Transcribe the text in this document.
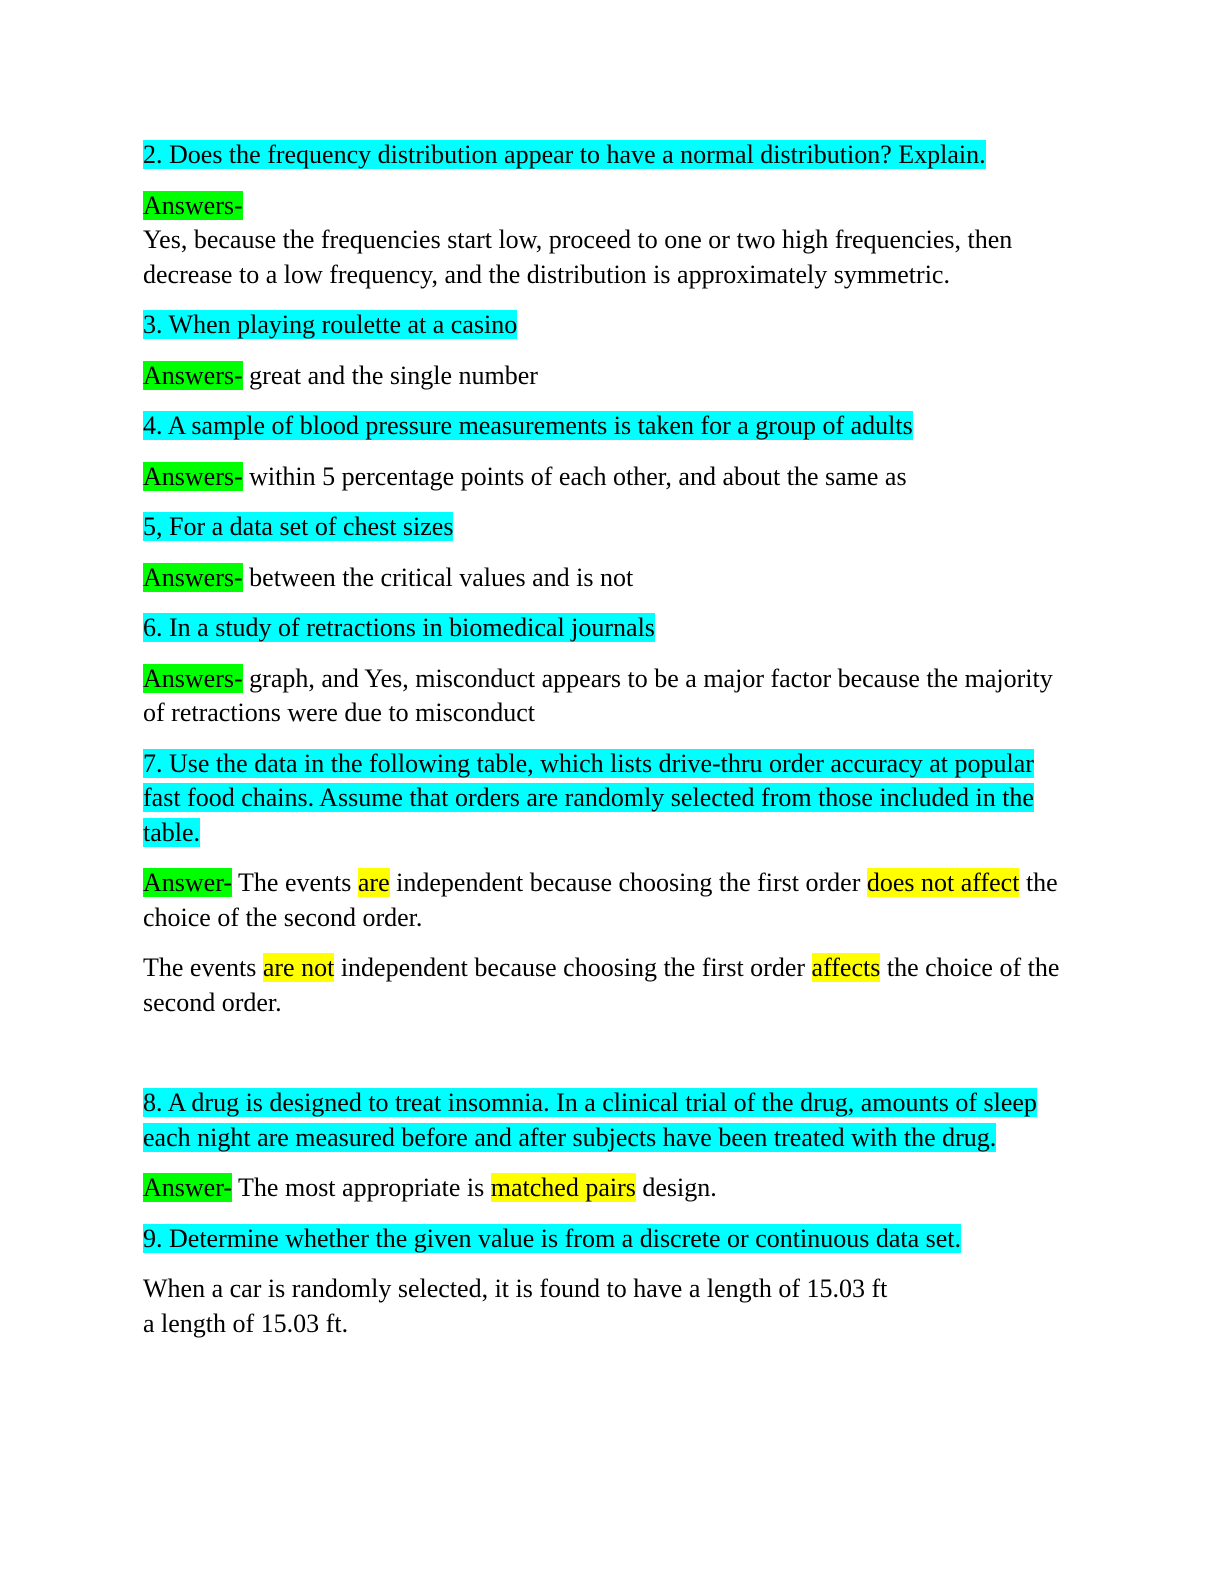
2. Does the frequency distribution appear to have a normal distribution? Explain.

Answers-
Yes, because the frequencies start low, proceed to one or two high frequencies, then decrease to a low frequency, and the distribution is approximately symmetric.

3. When playing roulette at a casino

Answers- great and the single number

4. A sample of blood pressure measurements is taken for a group of adults

Answers- within 5 percentage points of each other, and about the same as

5, For a data set of chest sizes

Answers- between the critical values and is not

6. In a study of retractions in biomedical journals

Answers- graph, and Yes, misconduct appears to be a major factor because the majority of retractions were due to misconduct

7. Use the data in the following table, which lists drive-thru order accuracy at popular fast food chains. Assume that orders are randomly selected from those included in the table.

Answer- The events are independent because choosing the first order does not affect the choice of the second order.

The events are not independent because choosing the first order affects the choice of the second order.

8. A drug is designed to treat insomnia. In a clinical trial of the drug, amounts of sleep each night are measured before and after subjects have been treated with the drug.

Answer- The most appropriate is matched pairs design.

9. Determine whether the given value is from a discrete or continuous data set.

When a car is randomly selected, it is found to have a length of 15.03 ft
a length of 15.03 ft.
